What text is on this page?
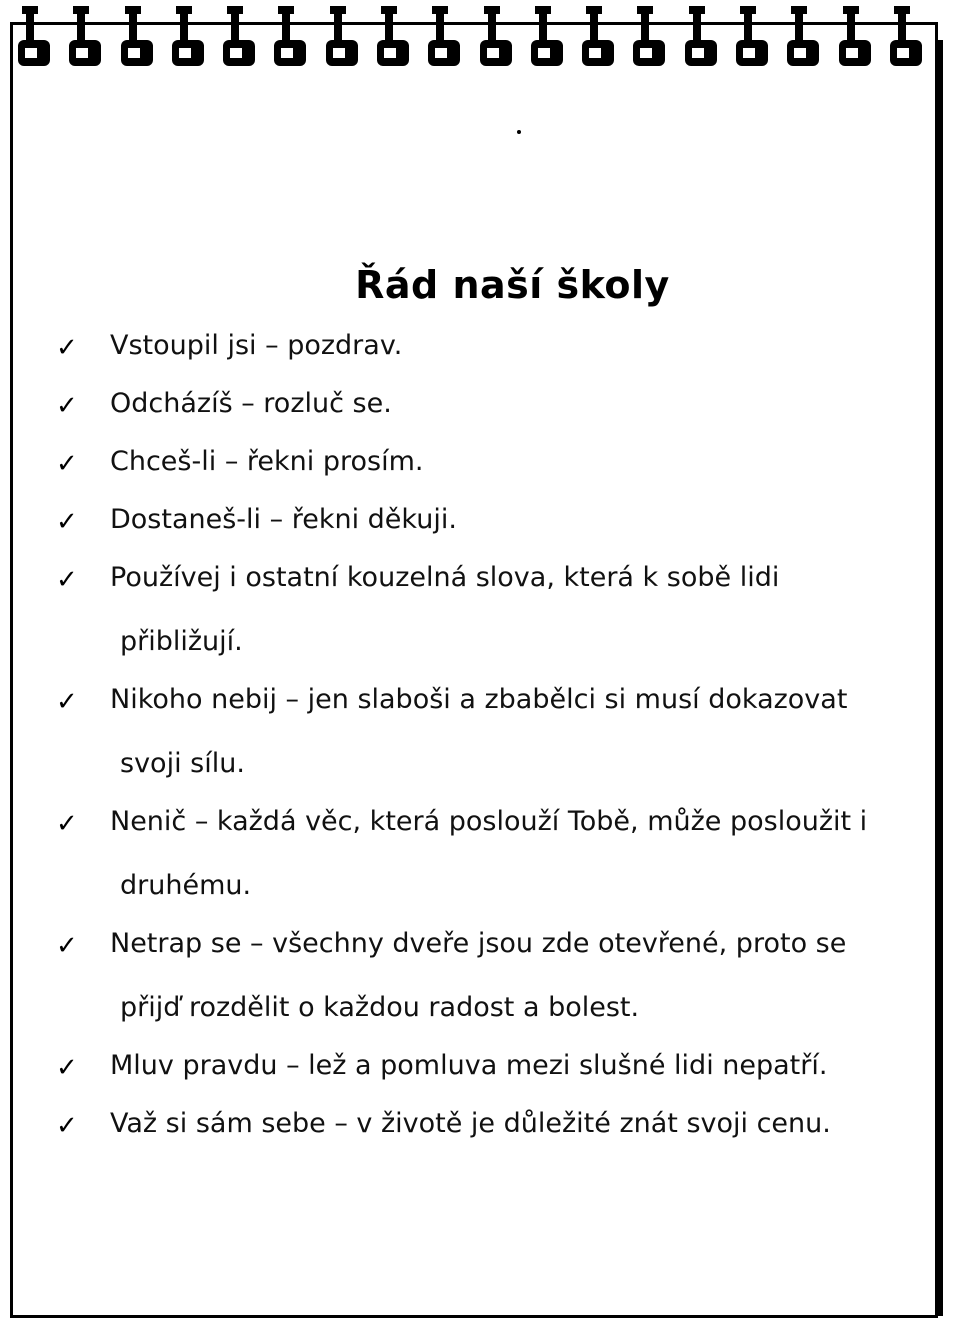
Řád naší školy
✓	Vstoupil jsi – pozdrav.
✓	Odcházíš – rozluč se.
✓	Chceš-li – řekni prosím.
✓	Dostaneš-li – řekni děkuji.
✓	Používej i ostatní kouzelná slova, která k sobě lidi
přibližují.
✓	Nikoho nebij – jen slaboši a zbabělci si musí dokazovat
svoji sílu.
✓	Nenič – každá věc, která poslouží Tobě, může posloužit i
druhému.
✓	Netrap se – všechny dveře jsou zde otevřené, proto se
přijď rozdělit o každou radost a bolest.
✓	Mluv pravdu – lež a pomluva mezi slušné lidi nepatří.
✓	Važ si sám sebe – v životě je důležité znát svoji cenu.
